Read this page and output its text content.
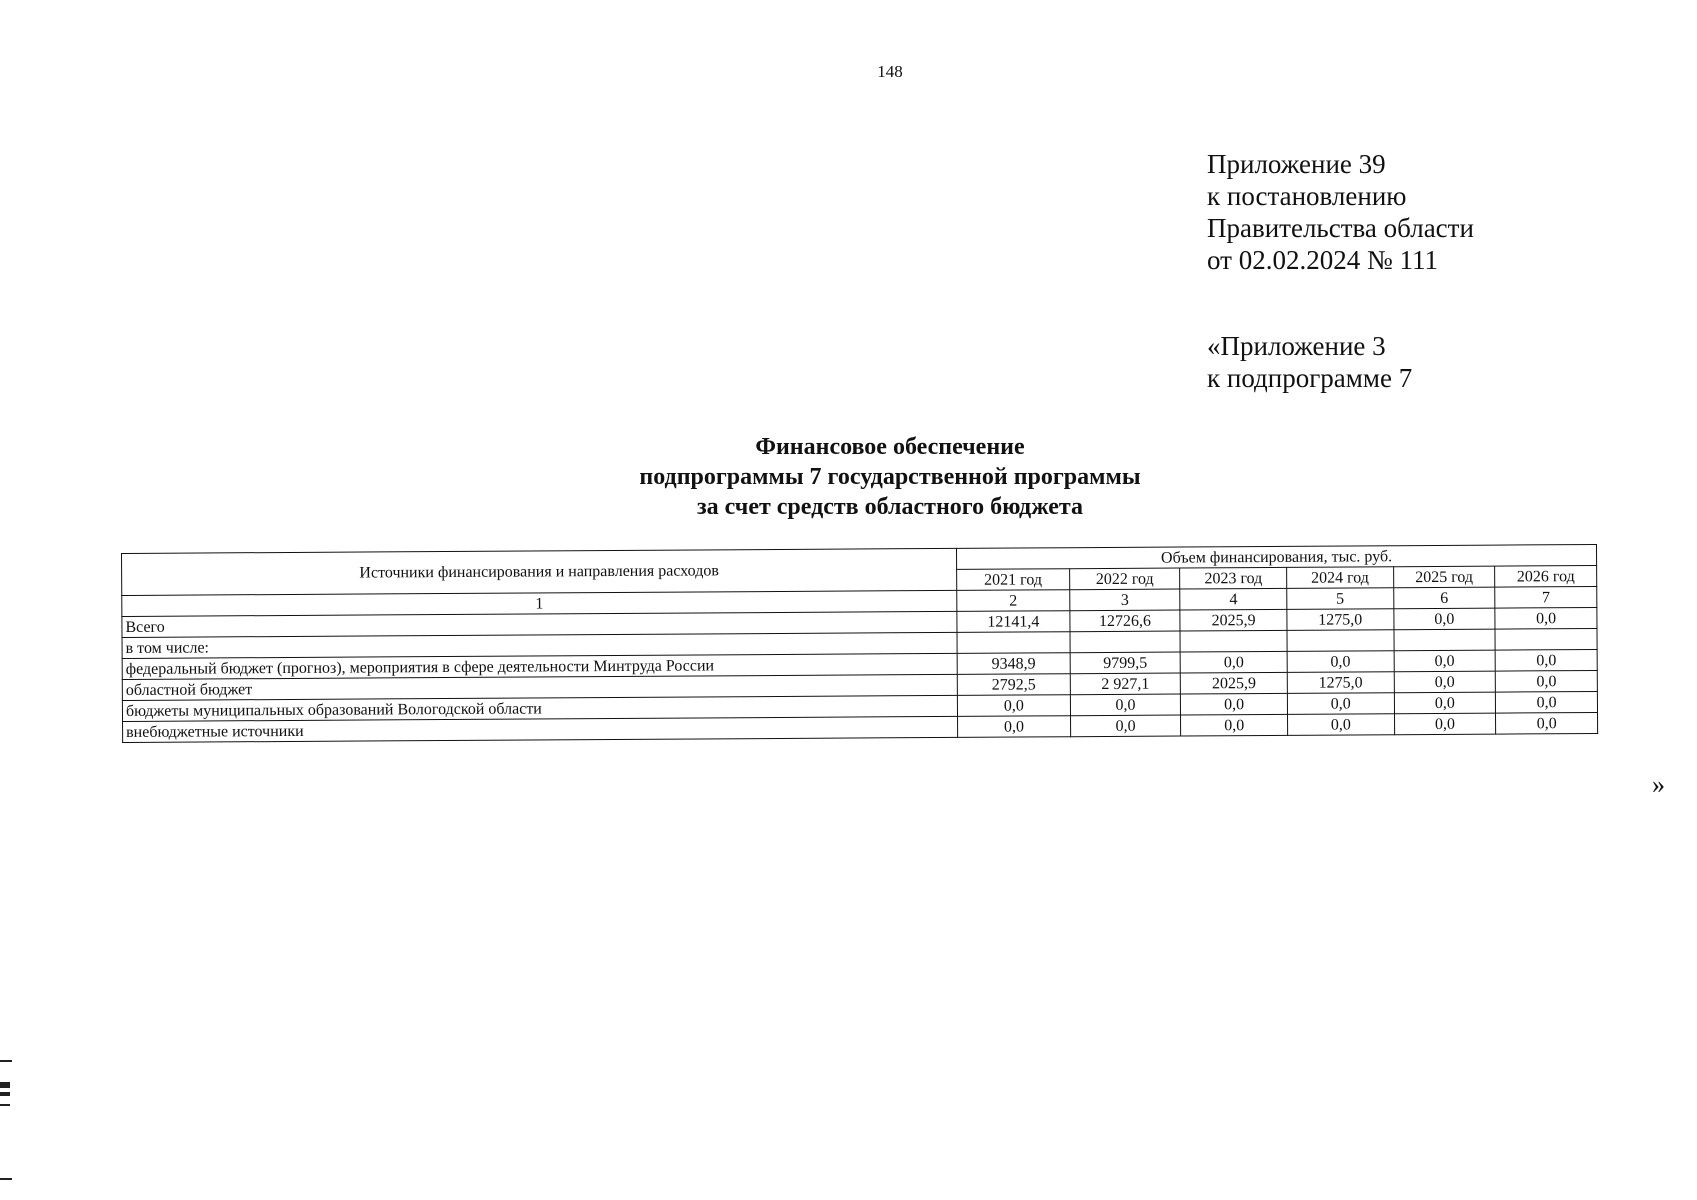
148
Приложение 39
к постановлению
Правительства области
от 02.02.2024 № 111
«Приложение 3
к подпрограмме 7
Финансовое обеспечение
подпрограммы 7 государственной программы
за счет средств областного бюджета
Источники финансирования и направления расходов	Объем финансирования, тыс. руб.					
	2021 год	2022 год	2023 год	2024 год	2025 год	2026 год
1	2	3	4	5	6	7
Всего	12141,4	12726,6	2025,9	1275,0	0,0	0,0
в том числе:						
федеральный бюджет (прогноз), мероприятия в сфере деятельности Минтруда России	9348,9	9799,5	0,0	0,0	0,0	0,0
областной бюджет	2792,5	2 927,1	2025,9	1275,0	0,0	0,0
бюджеты муниципальных образований Вологодской области	0,0	0,0	0,0	0,0	0,0	0,0
внебюджетные источники	0,0	0,0	0,0	0,0	0,0	0,0
»
